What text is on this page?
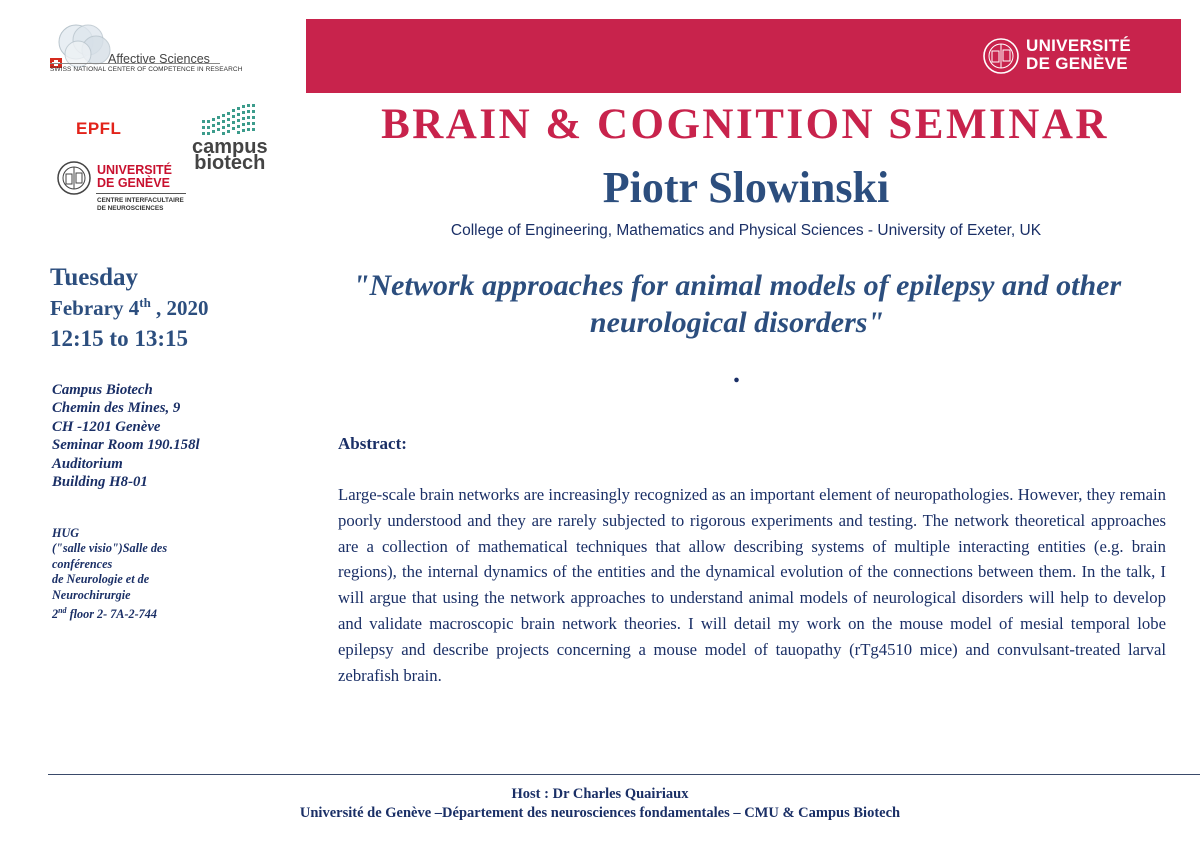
Affective Sciences
SWISS NATIONAL CENTER OF COMPETENCE IN RESEARCH
EPFL
campus
biotech
UNIVERSITÉ
DE GENÈVE
CENTRE INTERFACULTAIRE
DE NEUROSCIENCES
UNIVERSITÉ
DE GENÈVE
BRAIN & COGNITION SEMINAR
Piotr Slowinski
College of Engineering, Mathematics and Physical Sciences - University of Exeter, UK
"Network approaches for animal models of epilepsy and other neurological disorders"
.
Tuesday
Febrary 4th , 2020
12:15 to 13:15
Campus Biotech
Chemin des Mines, 9
CH -1201 Genève
Seminar Room 190.158l
Auditorium
Building H8-01
HUG
("salle visio")Salle des
conférences
de Neurologie et de
Neurochirurgie
2nd floor 2- 7A-2-744
Abstract:
Large-scale brain networks are increasingly recognized as an important element of neuropathologies. However, they remain poorly understood and they are rarely subjected to rigorous experiments and testing. The network theoretical approaches are a collection of mathematical techniques that allow describing systems of multiple interacting entities (e.g. brain regions), the internal dynamics of the entities and the dynamical evolution of the connections between them. In the talk, I will argue that using the network approaches to understand animal models of neurological disorders will help to develop and validate macroscopic brain network theories. I will detail my work on the mouse model of mesial temporal lobe epilepsy and describe projects concerning a mouse model of tauopathy (rTg4510 mice) and convulsant-treated larval zebrafish brain.
Host : Dr Charles Quairiaux
Université de Genève –Département des neurosciences fondamentales – CMU & Campus Biotech
